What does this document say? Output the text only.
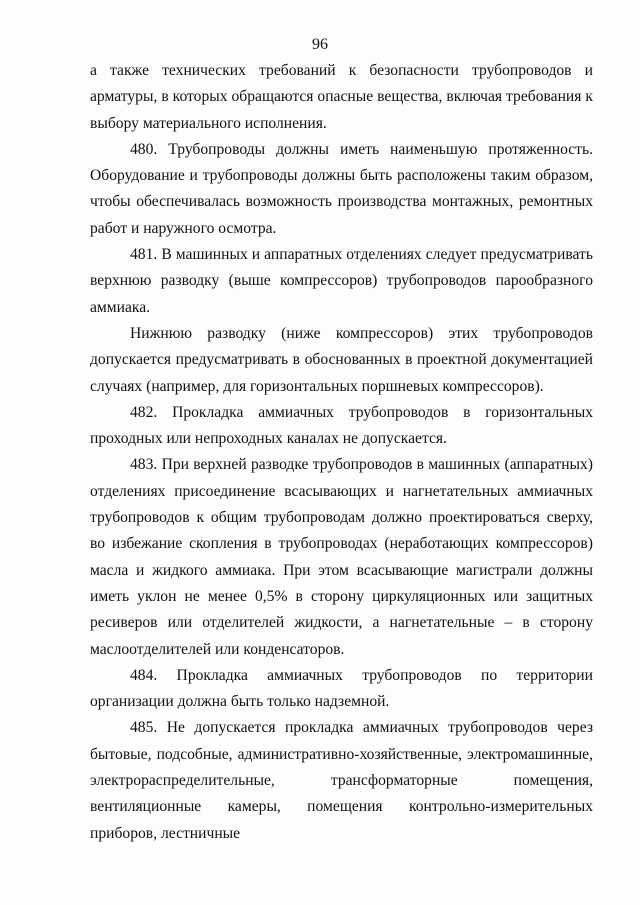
96

а также технических требований к безопасности трубопроводов и арматуры, в которых обращаются опасные вещества, включая требования к выбору материального исполнения.

480. Трубопроводы должны иметь наименьшую протяженность. Оборудование и трубопроводы должны быть расположены таким образом, чтобы обеспечивалась возможность производства монтажных, ремонтных работ и наружного осмотра.

481. В машинных и аппаратных отделениях следует предусматривать верхнюю разводку (выше компрессоров) трубопроводов парообразного аммиака.

Нижнюю разводку (ниже компрессоров) этих трубопроводов допускается предусматривать в обоснованных в проектной документацией случаях (например, для горизонтальных поршневых компрессоров).

482. Прокладка аммиачных трубопроводов в горизонтальных проходных или непроходных каналах не допускается.

483. При верхней разводке трубопроводов в машинных (аппаратных) отделениях присоединение всасывающих и нагнетательных аммиачных трубопроводов к общим трубопроводам должно проектироваться сверху, во избежание скопления в трубопроводах (неработающих компрессоров) масла и жидкого аммиака. При этом всасывающие магистрали должны иметь уклон не менее 0,5% в сторону циркуляционных или защитных ресиверов или отделителей жидкости, а нагнетательные – в сторону маслоотделителей или конденсаторов.

484. Прокладка аммиачных трубопроводов по территории организации должна быть только надземной.

485. Не допускается прокладка аммиачных трубопроводов через бытовые, подсобные, административно-хозяйственные, электромашинные, электрораспределительные, трансформаторные помещения, вентиляционные камеры, помещения контрольно-измерительных приборов, лестничные
